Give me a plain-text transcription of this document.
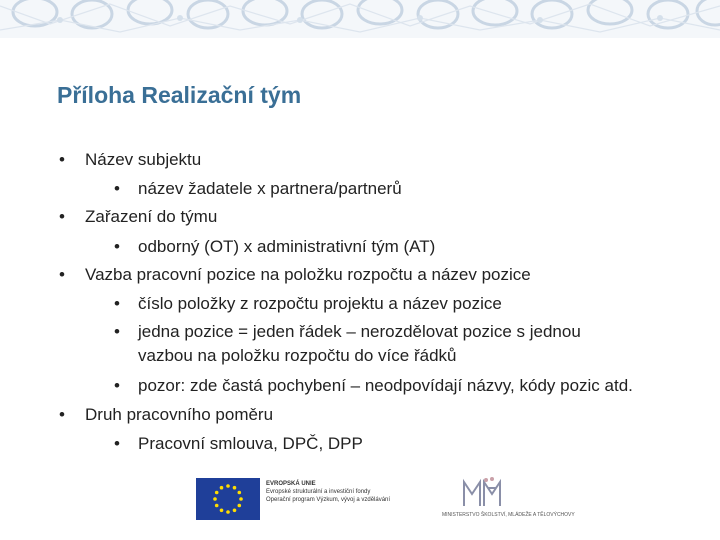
Příloha Realizační tým
• Název subjektu
• název žadatele x partnera/partnerů
• Zařazení do týmu
• odborný (OT) x administrativní tým (AT)
• Vazba pracovní pozice na položku rozpočtu a název pozice
• číslo položky z rozpočtu projektu a název pozice
• jedna pozice = jeden řádek – nerozdělovat pozice s jednou
vazbou na položku rozpočtu do více řádků
• pozor: zde častá pochybení – neodpovídají názvy, kódy pozic atd.
• Druh pracovního poměru
• Pracovní smlouva, DPČ, DPP
EVROPSKÁ UNIE
Evropské strukturální a investiční fondy
Operační program Výzkum, vývoj a vzdělávání
MINISTERSTVO ŠKOLSTVÍ, MLÁDEŽE A TĚLOVÝCHOVY
